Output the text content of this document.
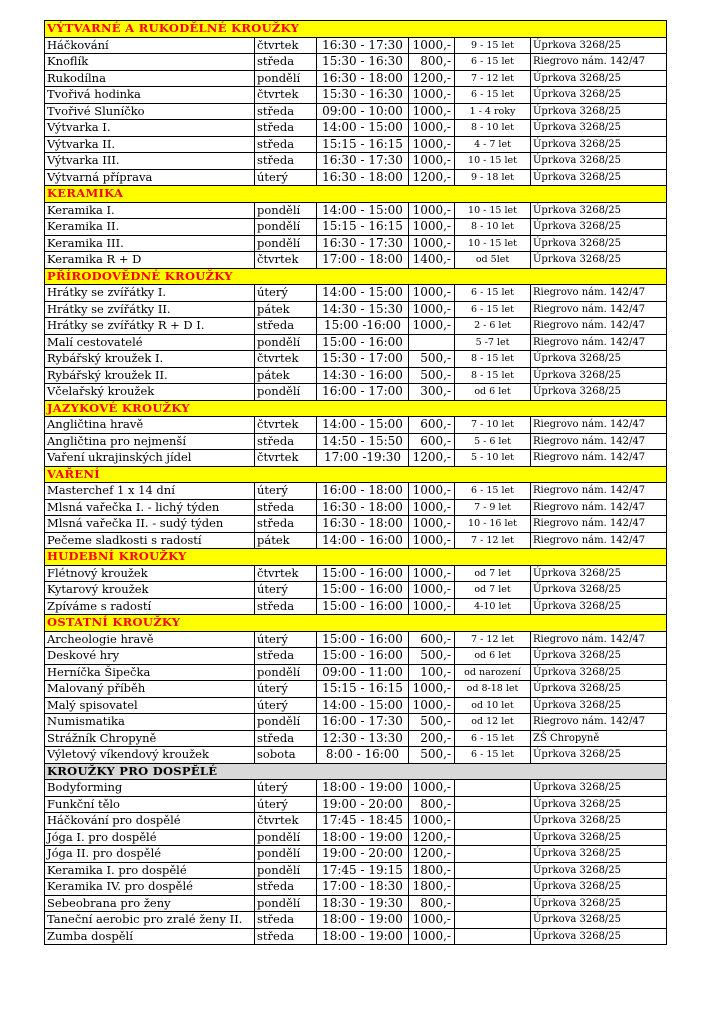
VÝTVARNÉ A RUKODĚLNÉ KROUŽKY					
Háčkování	čtvrtek	16:30 - 17:30	1000,-	9 - 15 let	Úprkova 3268/25
Knoflík	středa	15:30 - 16:30	800,-	6 - 15 let	Riegrovo nám. 142/47
Rukodílna	pondělí	16:30 - 18:00	1200,-	7 - 12 let	Úprkova 3268/25
Tvořivá hodinka	čtvrtek	15:30 - 16:30	1000,-	6 - 15 let	Úprkova 3268/25
Tvořivé Sluníčko	středa	09:00 - 10:00	1000,-	1 - 4 roky	Úprkova 3268/25
Výtvarka I.	středa	14:00 - 15:00	1000,-	8 - 10 let	Úprkova 3268/25
Výtvarka II.	středa	15:15 - 16:15	1000,-	4 - 7 let	Úprkova 3268/25
Výtvarka III.	středa	16:30 - 17:30	1000,-	10 - 15 let	Úprkova 3268/25
Výtvarná příprava	úterý	16:30 - 18:00	1200,-	9 - 18 let	Úprkova 3268/25
KERAMIKA					
Keramika I.	pondělí	14:00 - 15:00	1000,-	10 - 15 let	Úprkova 3268/25
Keramika II.	pondělí	15:15 - 16:15	1000,-	8 - 10 let	Úprkova 3268/25
Keramika III.	pondělí	16:30 - 17:30	1000,-	10 - 15 let	Úprkova 3268/25
Keramika R + D	čtvrtek	17:00 - 18:00	1400,-	od 5let	Úprkova 3268/25
PŘÍRODOVĚDNÉ KROUŽKY					
Hrátky se zvířátky I.	úterý	14:00 - 15:00	1000,-	6 - 15 let	Riegrovo nám. 142/47
Hrátky se zvířátky II.	pátek	14:30 - 15:30	1000,-	6 - 15 let	Riegrovo nám. 142/47
Hrátky se zvířátky R + D I.	středa	15:00 -16:00	1000,-	2 - 6 let	Riegrovo nám. 142/47
Malí cestovatelé	pondělí	15:00 - 16:00		5 -7 let	Riegrovo nám. 142/47
Rybářský kroužek I.	čtvrtek	15:30 - 17:00	500,-	8 - 15 let	Úprkova 3268/25
Rybářský kroužek II.	pátek	14:30 - 16:00	500,-	8 - 15 let	Úprkova 3268/25
Včelařský kroužek	pondělí	16:00 - 17:00	300,-	od 6 let	Úprkova 3268/25
JAZYKOVÉ KROUŽKY					
Angličtina hravě	čtvrtek	14:00 - 15:00	600,-	7 - 10 let	Riegrovo nám. 142/47
Angličtina pro nejmenší	středa	14:50 - 15:50	600,-	5 - 6 let	Riegrovo nám. 142/47
Vaření ukrajinských jídel	čtvrtek	17:00 -19:30	1200,-	5 - 10 let	Riegrovo nám. 142/47
VAŘENÍ					
Masterchef 1 x 14 dní	úterý	16:00 - 18:00	1000,-	6 - 15 let	Riegrovo nám. 142/47
Mlsná vařečka I. - lichý týden	středa	16:30 - 18:00	1000,-	7 - 9 let	Riegrovo nám. 142/47
Mlsná vařečka II. - sudý týden	středa	16:30 - 18:00	1000,-	10 - 16 let	Riegrovo nám. 142/47
Pečeme sladkosti s radostí	pátek	14:00 - 16:00	1000,-	7 - 12 let	Riegrovo nám. 142/47
HUDEBNÍ KROUŽKY					
Flétnový kroužek	čtvrtek	15:00 - 16:00	1000,-	od 7 let	Úprkova 3268/25
Kytarový kroužek	úterý	15:00 - 16:00	1000,-	od 7 let	Úprkova 3268/25
Zpíváme s radostí	středa	15:00 - 16:00	1000,-	4-10 let	Úprkova 3268/25
OSTATNÍ KROUŽKY					
Archeologie hravě	úterý	15:00 - 16:00	600,-	7 - 12 let	Riegrovo nám. 142/47
Deskové hry	středa	15:00 - 16:00	500,-	od 6 let	Úprkova 3268/25
Herníčka Šipečka	pondělí	09:00 - 11:00	100,-	od narození	Úprkova 3268/25
Malovaný příběh	úterý	15:15 - 16:15	1000,-	od 8-18 let	Úprkova 3268/25
Malý spisovatel	úterý	14:00 - 15:00	1000,-	od 10 let	Úprkova 3268/25
Numismatika	pondělí	16:00 - 17:30	500,-	od 12 let	Riegrovo nám. 142/47
Strážník Chropyně	středa	12:30 - 13:30	200,-	6 - 15 let	ZŠ Chropyně
Výletový víkendový kroužek	sobota	8:00 - 16:00	500,-	6 - 15 let	Úprkova 3268/25
KROUŽKY PRO DOSPĚLÉ					
Bodyforming	úterý	18:00 - 19:00	1000,-		Úprkova 3268/25
Funkční tělo	úterý	19:00 - 20:00	800,-		Úprkova 3268/25
Háčkování pro dospělé	čtvrtek	17:45 - 18:45	1000,-		Úprkova 3268/25
Jóga I. pro dospělé	pondělí	18:00 - 19:00	1200,-		Úprkova 3268/25
Jóga II. pro dospělé	pondělí	19:00 - 20:00	1200,-		Úprkova 3268/25
Keramika I. pro dospělé	pondělí	17:45 - 19:15	1800,-		Úprkova 3268/25
Keramika IV. pro dospělé	středa	17:00 - 18:30	1800,-		Úprkova 3268/25
Sebeobrana pro ženy	pondělí	18:30 - 19:30	800,-		Úprkova 3268/25
Taneční aerobic pro zralé ženy II.	středa	18:00 - 19:00	1000,-		Úprkova 3268/25
Zumba dospělí	středa	18:00 - 19:00	1000,-		Úprkova 3268/25
